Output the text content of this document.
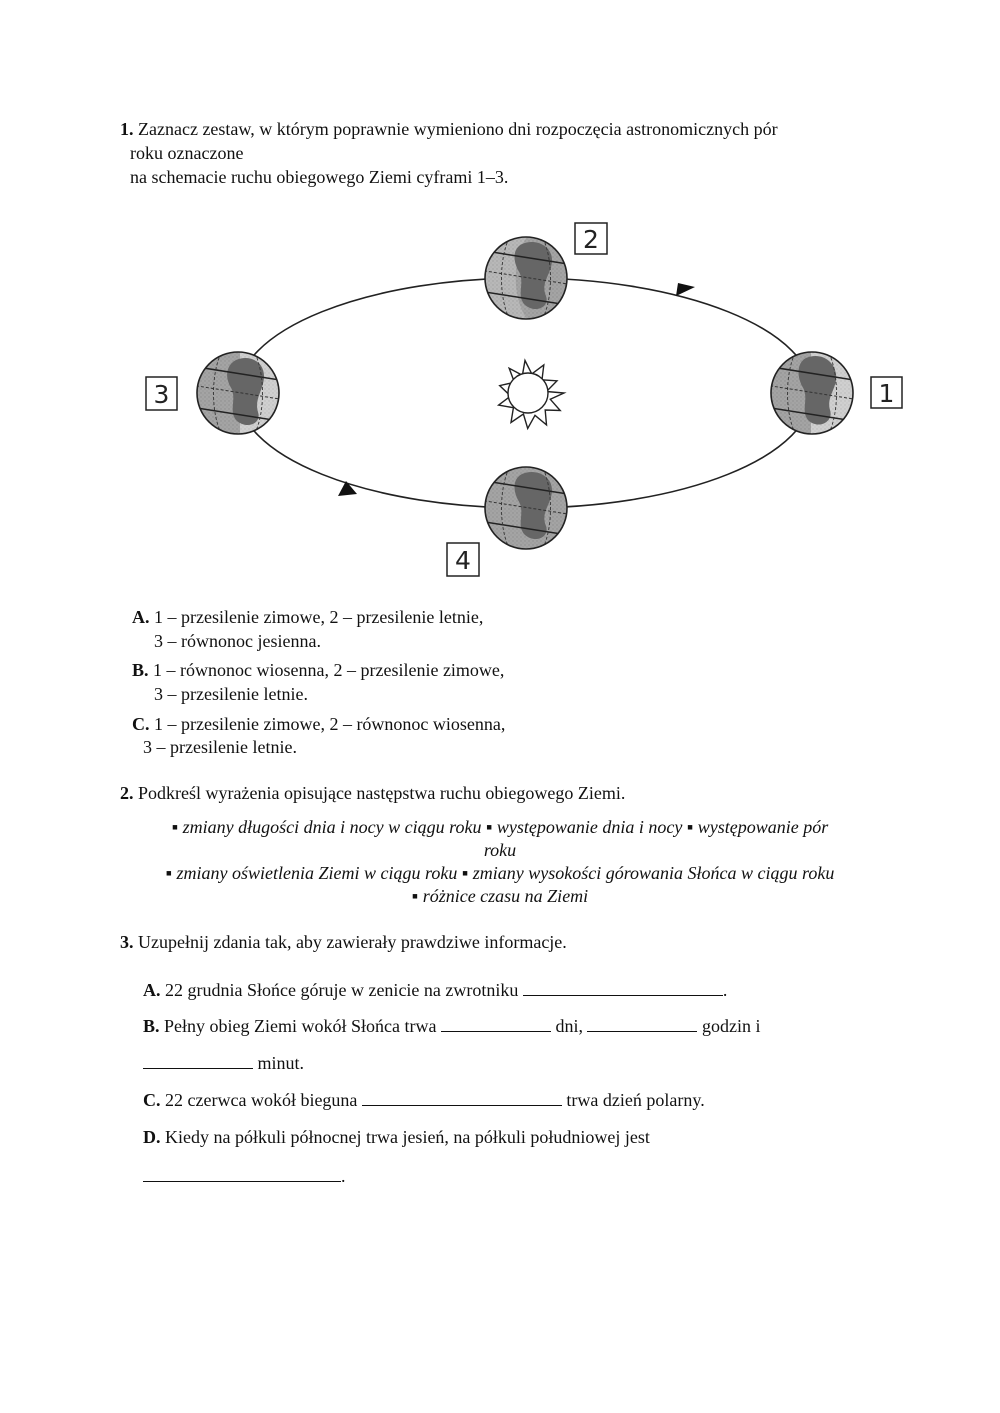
1. Zaznacz zestaw, w którym poprawnie wymieniono dni rozpoczęcia astronomicznych pór
roku oznaczone
na schemacie ruchu obiegowego Ziemi cyframi 1–3.
1
2
3
4
A. 1 – przesilenie zimowe, 2 – przesilenie letnie,
3 – równonoc jesienna.
B. 1 – równonoc wiosenna, 2 – przesilenie zimowe,
3 – przesilenie letnie.
C. 1 – przesilenie zimowe, 2 – równonoc wiosenna,
3 – przesilenie letnie.
2. Podkreśl wyrażenia opisujące następstwa ruchu obiegowego Ziemi.
▪ zmiany długości dnia i nocy w ciągu roku ▪ występowanie dnia i nocy ▪ występowanie pór
roku
▪ zmiany oświetlenia Ziemi w ciągu roku ▪ zmiany wysokości górowania Słońca w ciągu roku
▪ różnice czasu na Ziemi
3. Uzupełnij zdania tak, aby zawierały prawdziwe informacje.
A. 22 grudnia Słońce góruje w zenicie na zwrotniku	.
B. Pełny obieg Ziemi wokół Słońca trwa	dni,	godzin i
minut.
C. 22 czerwca wokół bieguna	trwa dzień polarny.
D. Kiedy na półkuli północnej trwa jesień, na półkuli południowej jest
.
